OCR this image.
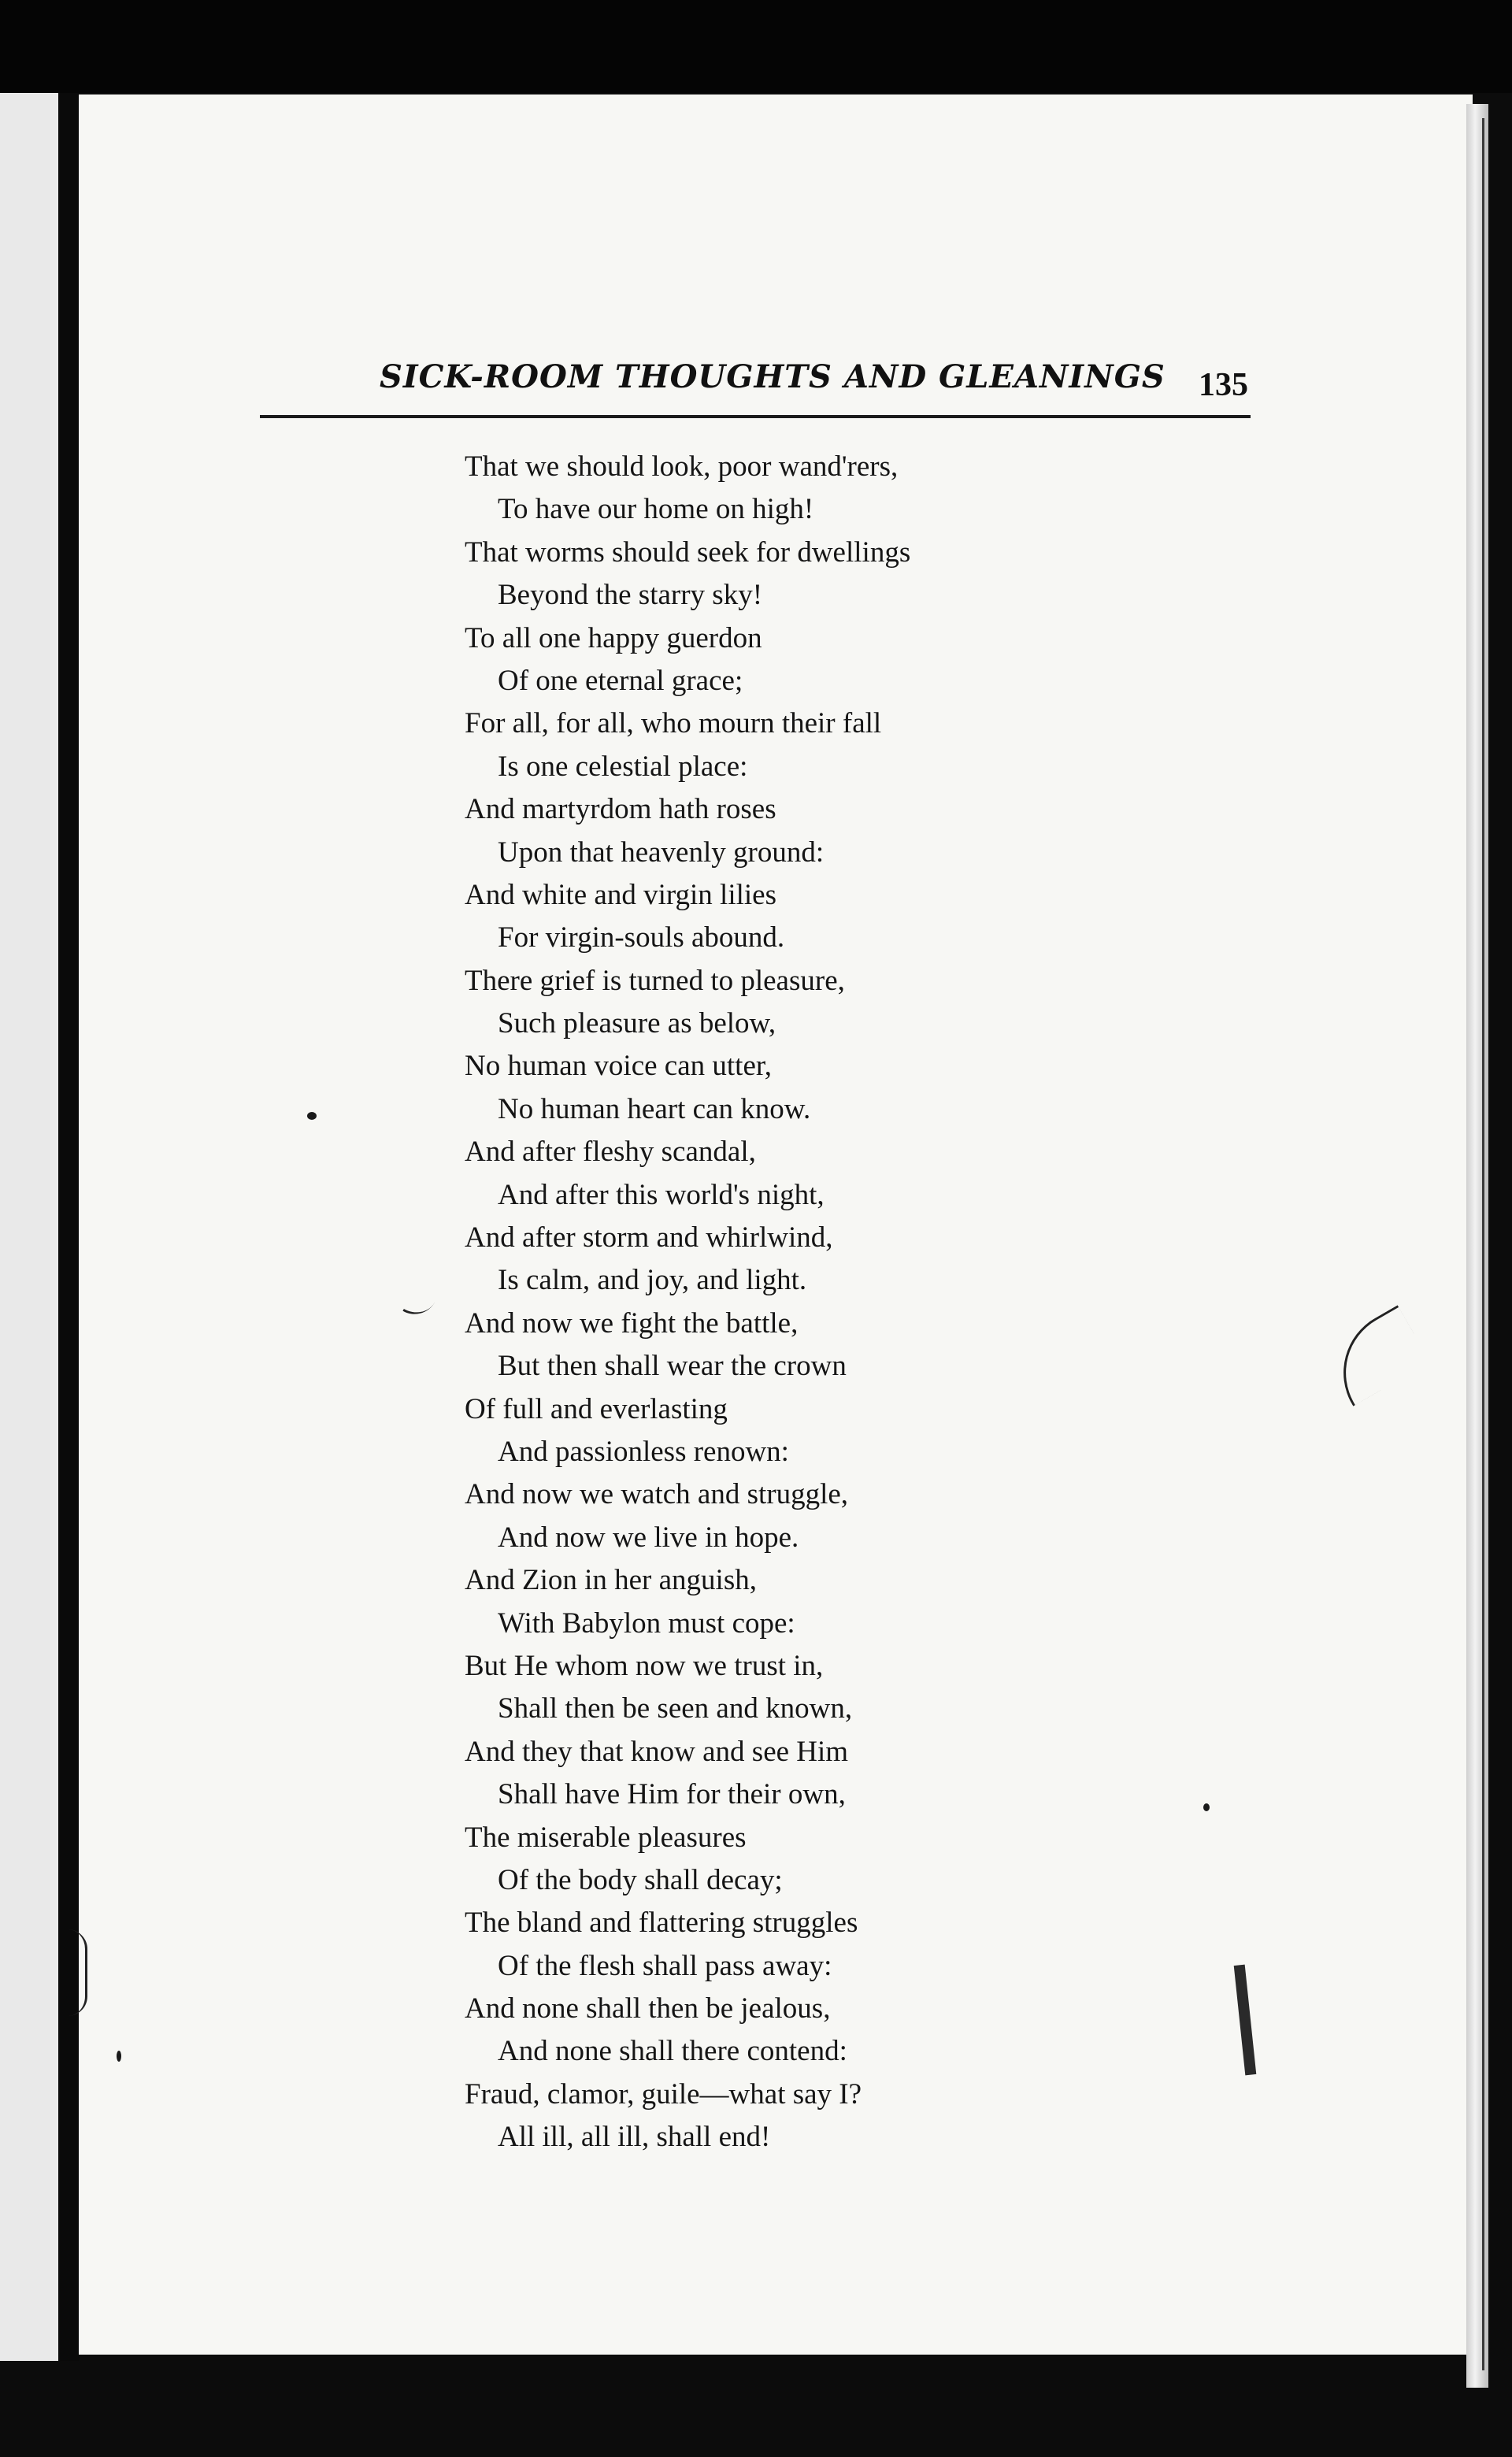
SICK-ROOM THOUGHTS AND GLEANINGS 135
That we should look, poor wand'rers,
To have our home on high!
That worms should seek for dwellings
Beyond the starry sky!
To all one happy guerdon
Of one eternal grace;
For all, for all, who mourn their fall
Is one celestial place:
And martyrdom hath roses
Upon that heavenly ground:
And white and virgin lilies
For virgin-souls abound.
There grief is turned to pleasure,
Such pleasure as below,
No human voice can utter,
No human heart can know.
And after fleshy scandal,
And after this world's night,
And after storm and whirlwind,
Is calm, and joy, and light.
And now we fight the battle,
But then shall wear the crown
Of full and everlasting
And passionless renown:
And now we watch and struggle,
And now we live in hope.
And Zion in her anguish,
With Babylon must cope:
But He whom now we trust in,
Shall then be seen and known,
And they that know and see Him
Shall have Him for their own,
The miserable pleasures
Of the body shall decay;
The bland and flattering struggles
Of the flesh shall pass away:
And none shall then be jealous,
And none shall there contend:
Fraud, clamor, guile—what say I?
All ill, all ill, shall end!
